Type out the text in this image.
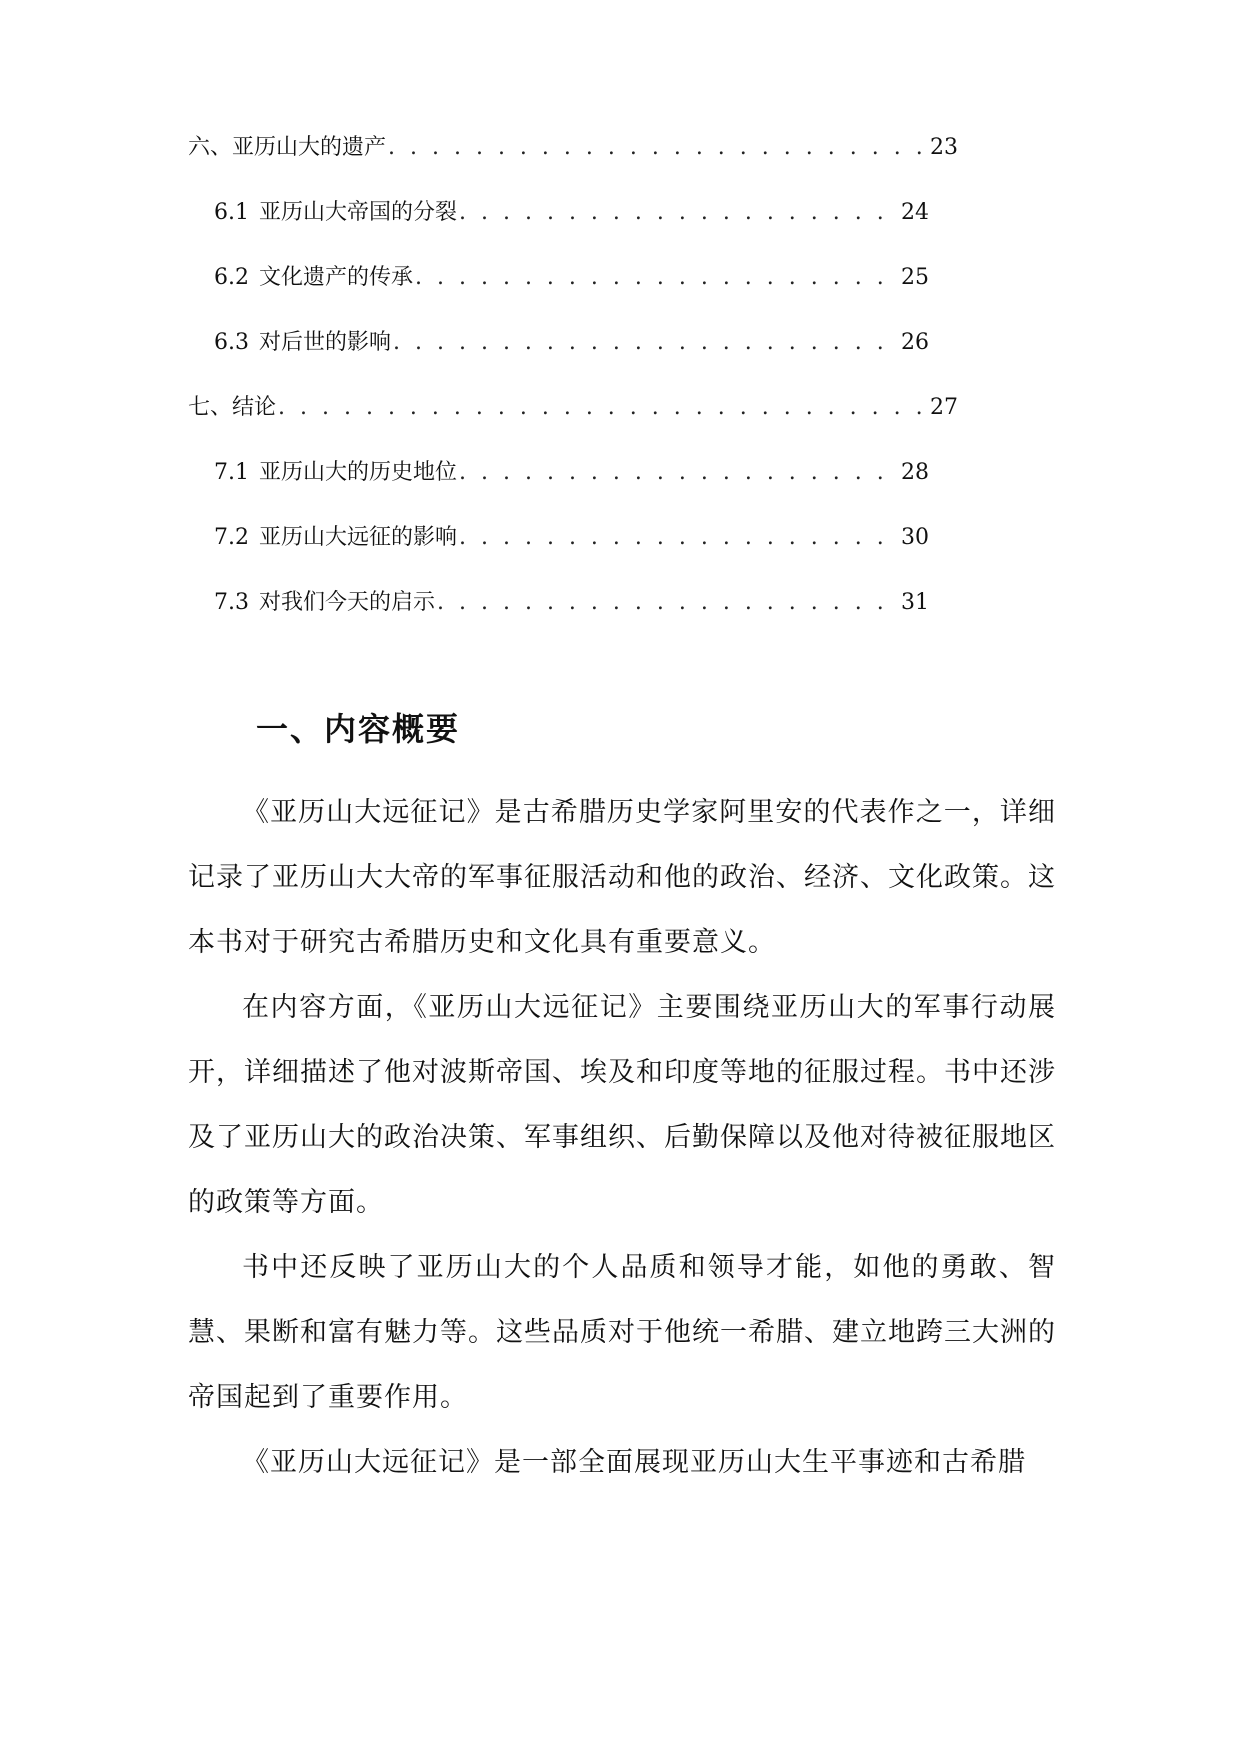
六、亚历山大的遗产 . . .	23
6.1 亚历山大帝国的分裂 . . .	24
6.2 文化遗产的传承 . . .	25
6.3 对后世的影响 . . .	26
七、结论 . . .	27
7.1 亚历山大的历史地位 . . .	28
7.2 亚历山大远征的影响 . . .	30
7.3 对我们今天的启示 . . .	31
一、内容概要

《亚历山大远征记》是古希腊历史学家阿里安的代表作之一，详细记录了亚历山大大帝的军事征服活动和他的政治、经济、文化政策。这本书对于研究古希腊历史和文化具有重要意义。

在内容方面，《亚历山大远征记》主要围绕亚历山大的军事行动展开，详细描述了他对波斯帝国、埃及和印度等地的征服过程。书中还涉及了亚历山大的政治决策、军事组织、后勤保障以及他对待被征服地区的政策等方面。

书中还反映了亚历山大的个人品质和领导才能，如他的勇敢、智慧、果断和富有魅力等。这些品质对于他统一希腊、建立地跨三大洲的帝国起到了重要作用。

《亚历山大远征记》是一部全面展现亚历山大生平事迹和古希腊
